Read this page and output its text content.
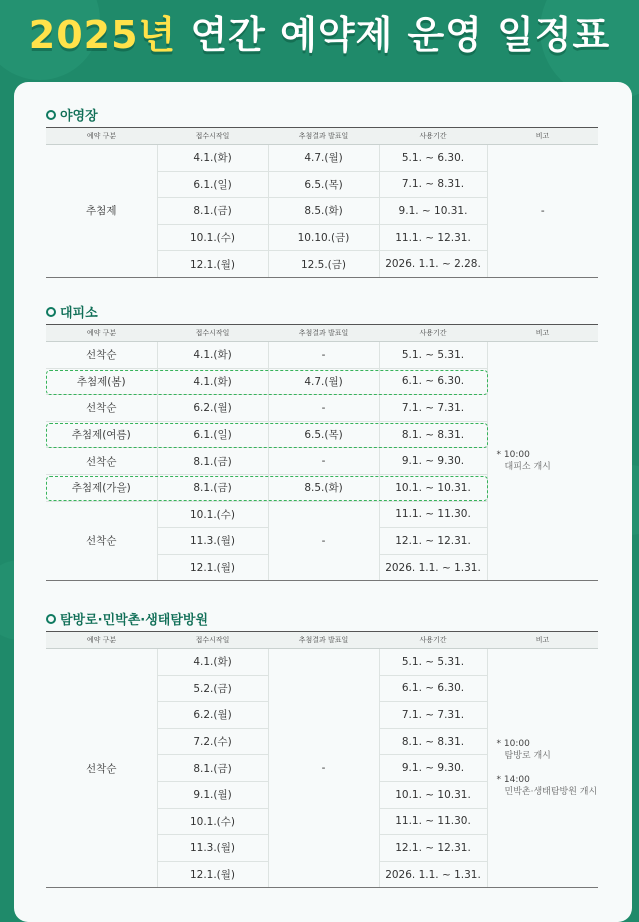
2025년 연간 예약제 운영 일정표
야영장
예약 구분	접수시작일	추첨결과 발표일	사용기간	비고
추첨제	4.1.(화)	4.7.(월)	5.1. ~ 6.30.	-
	6.1.(일)	6.5.(목)	7.1. ~ 8.31.	
	8.1.(금)	8.5.(화)	9.1. ~ 10.31.	
	10.1.(수)	10.10.(금)	11.1. ~ 12.31.	
	12.1.(월)	12.5.(금)	2026. 1.1. ~ 2.28.	
대피소
예약 구분	접수시작일	추첨결과 발표일	사용기간	비고
선착순	4.1.(화)	-	5.1. ~ 5.31.	* 10:00
대피소 개시

추첨제(봄)	4.1.(화)	4.7.(월)	6.1. ~ 6.30.	
선착순	6.2.(월)	-	7.1. ~ 7.31.	
추첨제(여름)	6.1.(일)	6.5.(목)	8.1. ~ 8.31.	
선착순	8.1.(금)	-	9.1. ~ 9.30.	
추첨제(가을)	8.1.(금)	8.5.(화)	10.1. ~ 10.31.	
선착순	10.1.(수)	-	11.1. ~ 11.30.	
	11.3.(월)		12.1. ~ 12.31.	
	12.1.(월)		2026. 1.1. ~ 1.31.	
탐방로·민박촌·생태탐방원
예약 구분	접수시작일	추첨결과 발표일	사용기간	비고
선착순	4.1.(화)	-	5.1. ~ 5.31.	* 10:00
탐방로 개시

* 14:00
민박촌·생태탐방원 개시

	5.2.(금)		6.1. ~ 6.30.	
	6.2.(월)		7.1. ~ 7.31.	
	7.2.(수)		8.1. ~ 8.31.	
	8.1.(금)		9.1. ~ 9.30.	
	9.1.(월)		10.1. ~ 10.31.	
	10.1.(수)		11.1. ~ 11.30.	
	11.3.(월)		12.1. ~ 12.31.	
	12.1.(월)		2026. 1.1. ~ 1.31.	
